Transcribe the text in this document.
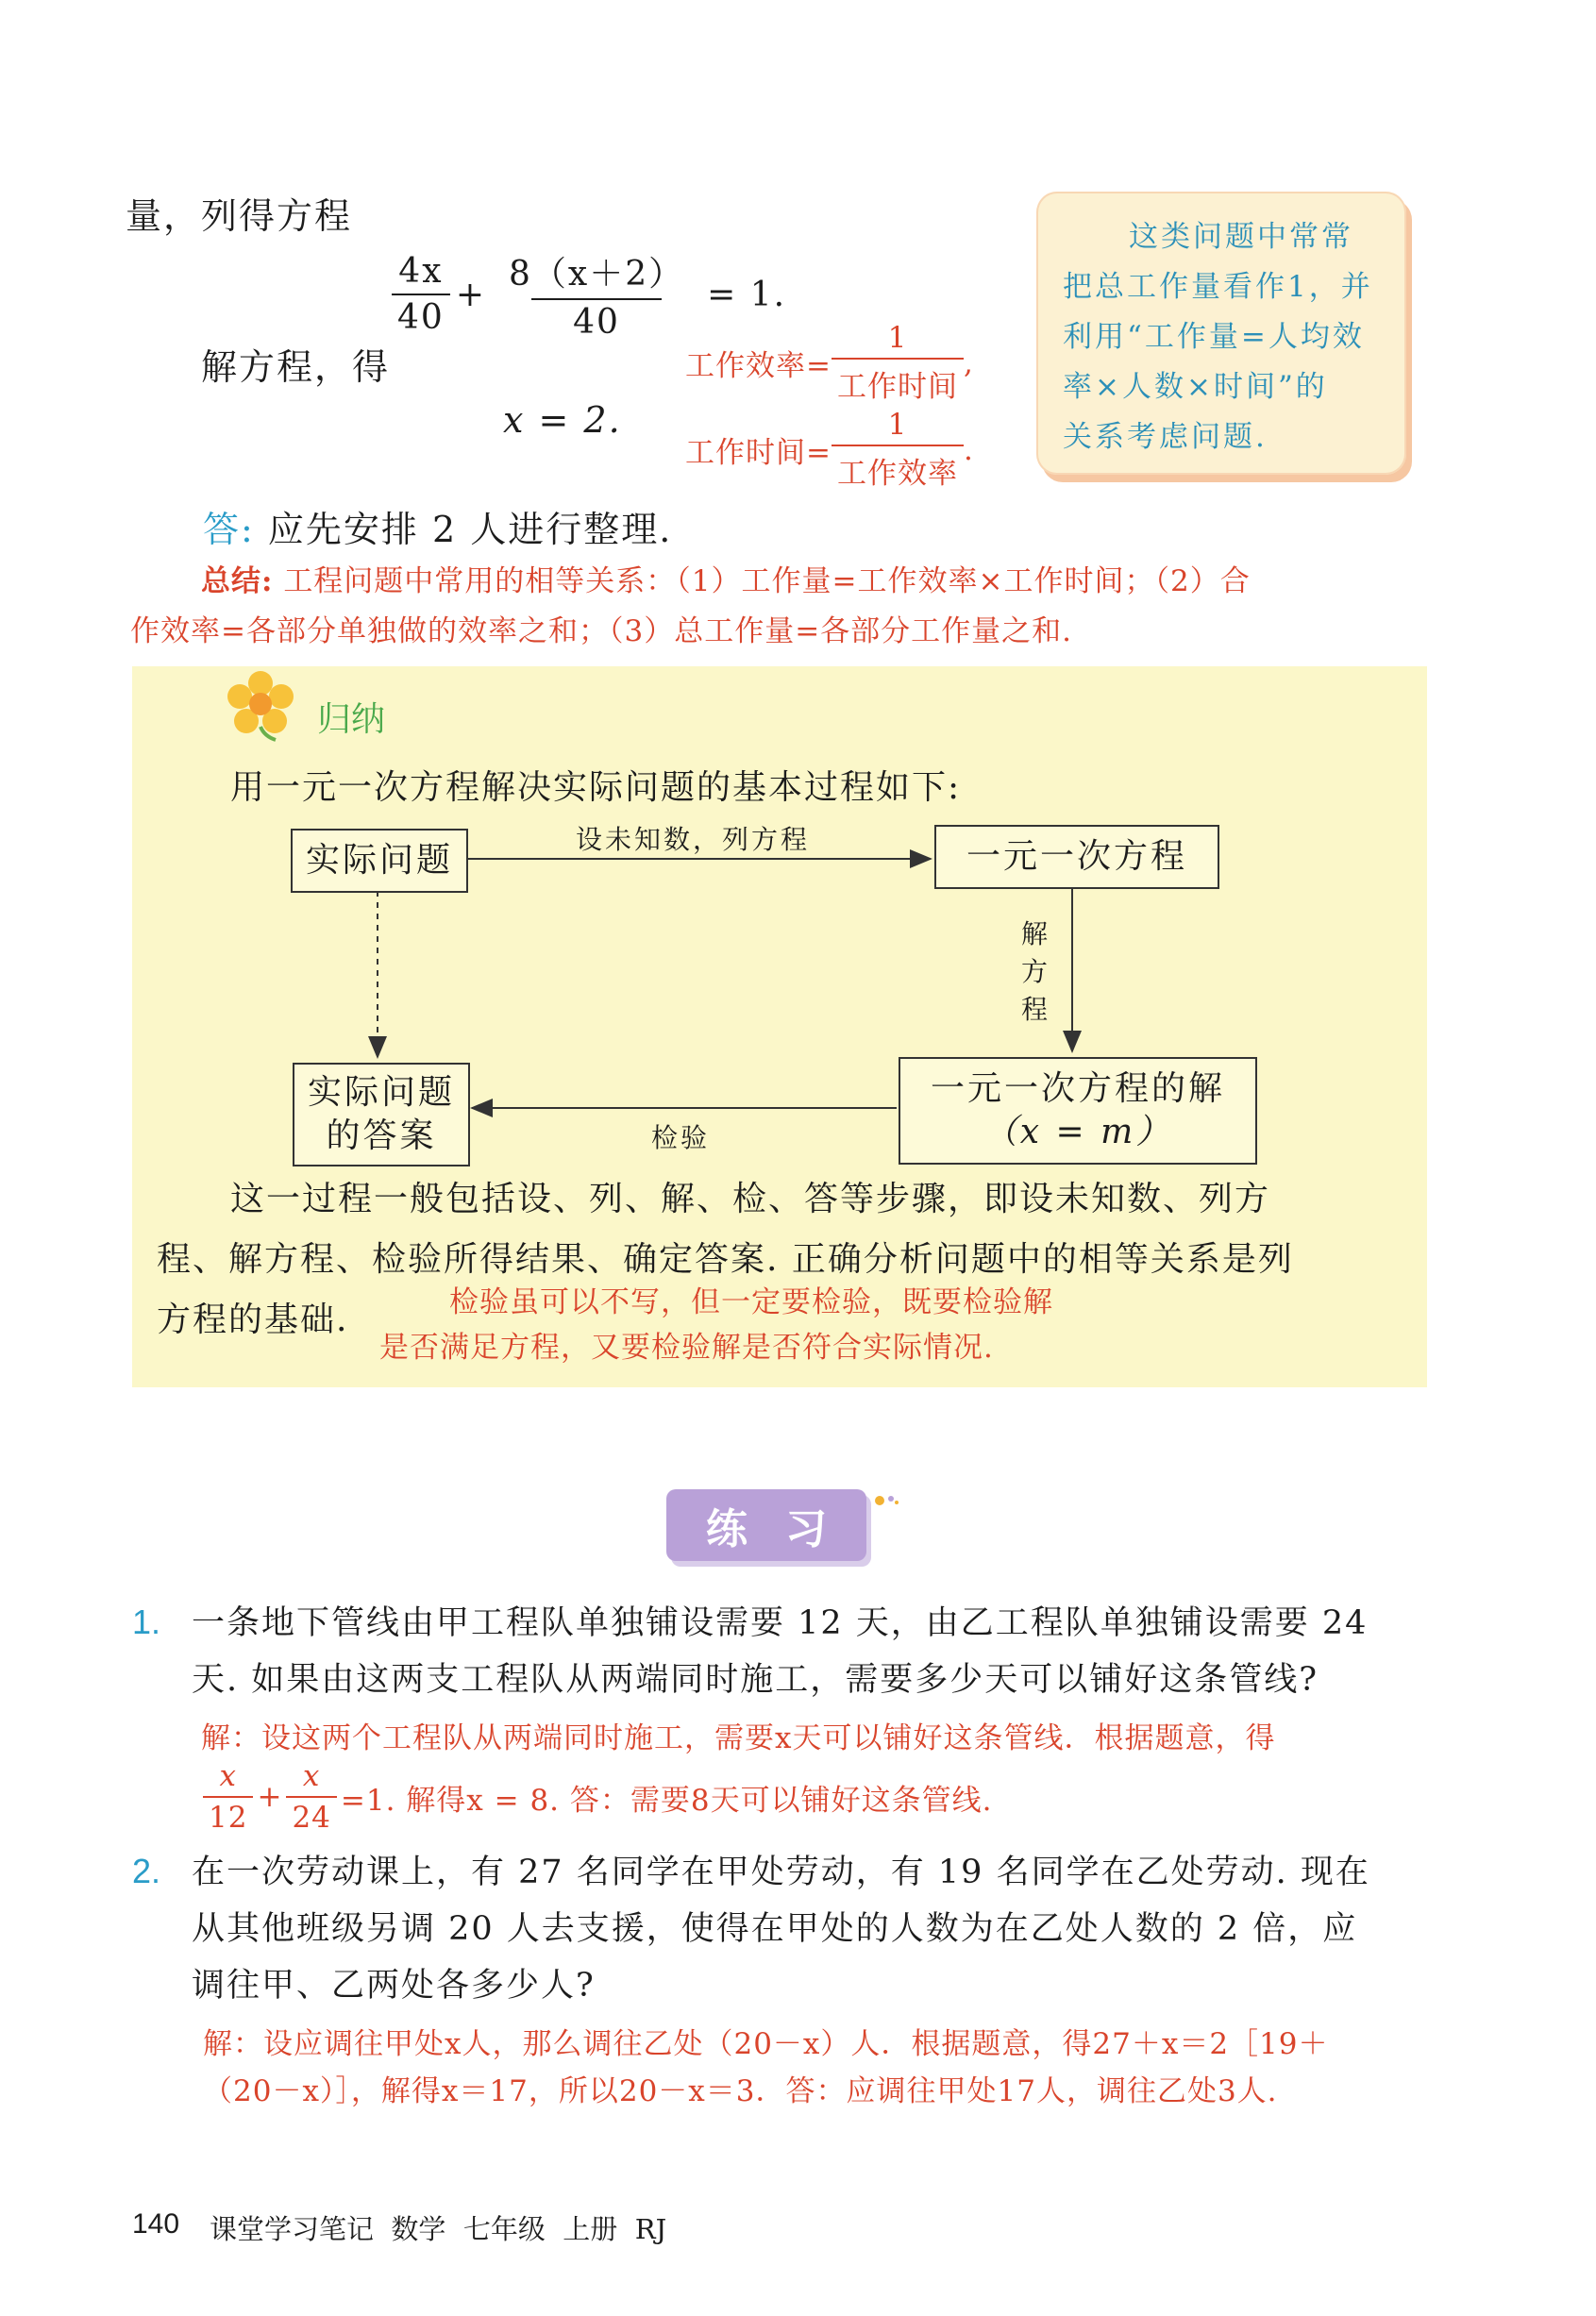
量，列得方程
$\frac{4x}{40} + \frac{8(x+2)}{40} = 1$.
解方程，得
x = 2.
工作效率= $\frac{1}{\text{工作时间}}$ ,
工作时间= $\frac{1}{\text{工作效率}}$ .

这类问题中常常

把总工作量看作1，并

利用“工作量=人均效

率×人数×时间”的

关系考虑问题.

答: 应先安排 2 人进行整理.
总结: 工程问题中常用的相等关系：（1）工作量=工作效率×工作时间；（2）合
作效率=各部分单独做的效率之和；（3）总工作量=各部分工作量之和.
归纳
用一元一次方程解决实际问题的基本过程如下:
实际问题	一元一次方程
一元一次方程的解
（x = m）
实际问题
的答案
设未知数，列方程
解
方
程
检验
这一过程一般包括设、列、解、检、答等步骤，即设未知数、列方
程、解方程、检验所得结果、确定答案. 正确分析问题中的相等关系是列
方程的基础.	检验虽可以不写，但一定要检验，既要检验解
是否满足方程，又要检验解是否符合实际情况.
练习
1. 一条地下管线由甲工程队单独铺设需要 12 天，由乙工程队单独铺设需要 24
天. 如果由这两支工程队从两端同时施工，需要多少天可以铺好这条管线?
解：设这两个工程队从两端同时施工，需要x天可以铺好这条管线．根据题意，得
$\frac{x}{12} + \frac{x}{24} =1$. 解得x = 8. 答：需要8天可以铺好这条管线.
2. 在一次劳动课上，有 27 名同学在甲处劳动，有 19 名同学在乙处劳动. 现在
从其他班级另调 20 人去支援，使得在甲处的人数为在乙处人数的 2 倍，应
调往甲、乙两处各多少人?
解：设应调往甲处x人，那么调往乙处（20－x）人．根据题意，得27＋x＝2［19＋
（20－x）］，解得x＝17，所以20－x＝3．答：应调往甲处17人，调往乙处3人.
140 课堂学习笔记  数学  七年级  上册  RJ
